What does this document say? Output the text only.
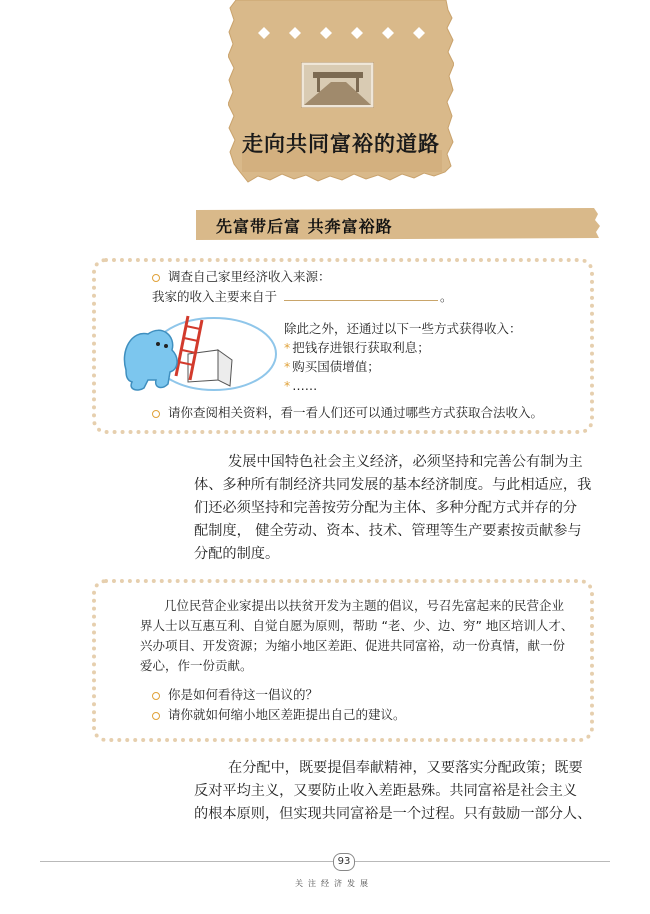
走向共同富裕的道路
先富带后富 共奔富裕路
调查自己家里经济收入来源：
我家的收入主要来自于	。
除此之外，还通过以下一些方式获得收入：
* 把钱存进银行获取利息；
* 购买国债增值；
* ……
请你查阅相关资料，看一看人们还可以通过哪些方式获取合法收入。
发展中国特色社会主义经济，必须坚持和完善公有制为主
体、多种所有制经济共同发展的基本经济制度。与此相适应，我
们还必须坚持和完善按劳分配为主体、多种分配方式并存的分
配制度， 健全劳动、资本、技术、管理等生产要素按贡献参与
分配的制度。
几位民营企业家提出以扶贫开发为主题的倡议，号召先富起来的民营企业
界人士以互惠互利、自觉自愿为原则，帮助 “老、少、边、穷” 地区培训人才、
兴办项目、开发资源；为缩小地区差距、促进共同富裕，动一份真情，献一份
爱心，作一份贡献。
你是如何看待这一倡议的？
请你就如何缩小地区差距提出自己的建议。
在分配中，既要提倡奉献精神，又要落实分配政策；既要
反对平均主义，又要防止收入差距悬殊。共同富裕是社会主义
的根本原则，但实现共同富裕是一个过程。只有鼓励一部分人、
93
关注经济发展
